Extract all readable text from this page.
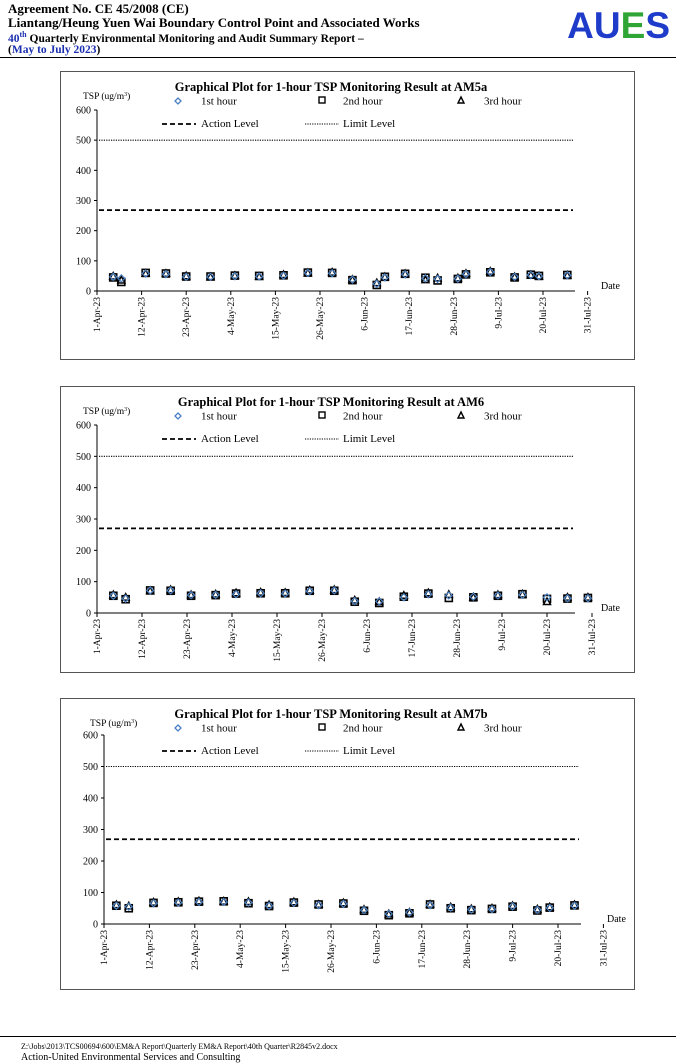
Agreement No. CE 45/2008 (CE)
Liantang/Heung Yuen Wai Boundary Control Point and Associated Works
40th Quarterly Environmental Monitoring and Audit Summary Report –
(May to July 2023)
AUES
Graphical Plot for 1-hour TSP Monitoring Result at AM5a
TSP $(ug/m^3)$
0
100
200
300
400
500
600
1-Apr-23	12-Apr-23	23-Apr-23	4-May-23	15-May-23	26-May-23	6-Jun-23	17-Jun-23	28-Jun-23	9-Jul-23	20-Jul-23	31-Jul-23
Date
1st hour	2nd hour	3rd hour
Action Level	Limit Level
Graphical Plot for 1-hour TSP Monitoring Result at AM6
TSP $(ug/m^3)$
0
100
200
300
400
500
600
1-Apr-23	12-Apr-23	23-Apr-23	4-May-23	15-May-23	26-May-23	6-Jun-23	17-Jun-23	28-Jun-23	9-Jul-23	20-Jul-23	31-Jul-23
Date
1st hour	2nd hour	3rd hour
Action Level	Limit Level
Graphical Plot for 1-hour TSP Monitoring Result at AM7b
TSP $(ug/m^3)$
0
100
200
300
400
500
600
1-Apr-23	12-Apr-23	23-Apr-23	4-May-23	15-May-23	26-May-23	6-Jun-23	17-Jun-23	28-Jun-23	9-Jul-23	20-Jul-23	31-Jul-23
Date
1st hour	2nd hour	3rd hour
Action Level	Limit Level
Z:\Jobs\2013\TCS00694\600\EM&A Report\Quarterly EM&A Report\40th Quarter\R2845v2.docx
Action-United Environmental Services and Consulting
